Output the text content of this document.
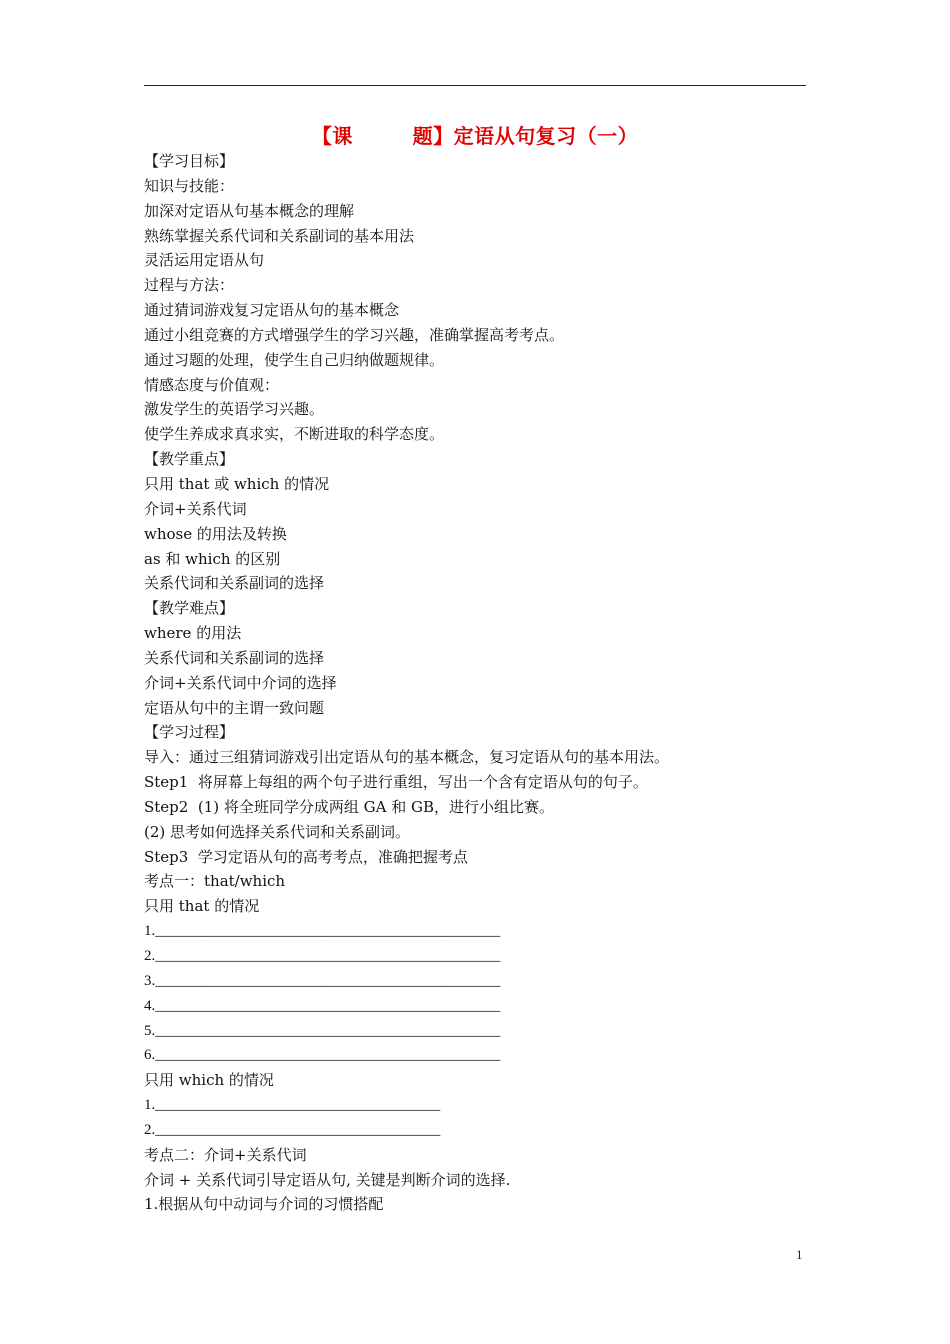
【课        题】定语从句复习（一）
【学习目标】
知识与技能：
加深对定语从句基本概念的理解
熟练掌握关系代词和关系副词的基本用法
灵活运用定语从句
过程与方法：
通过猜词游戏复习定语从句的基本概念
通过小组竞赛的方式增强学生的学习兴趣，准确掌握高考考点。
通过习题的处理，使学生自己归纳做题规律。
情感态度与价值观：
激发学生的英语学习兴趣。
使学生养成求真求实，不断进取的科学态度。
【教学重点】
只用 that 或 which 的情况
介词+关系代词
whose 的用法及转换
as 和 which 的区别
关系代词和关系副词的选择
【教学难点】
where 的用法
关系代词和关系副词的选择
介词+关系代词中介词的选择
定语从句中的主谓一致问题
【学习过程】
导入：通过三组猜词游戏引出定语从句的基本概念，复习定语从句的基本用法。
Step1  将屏幕上每组的两个句子进行重组，写出一个含有定语从句的句子。
Step2  (1) 将全班同学分成两组 GA 和 GB，进行小组比赛。
(2) 思考如何选择关系代词和关系副词。
Step3  学习定语从句的高考考点，准确把握考点
考点一：that/which
只用 that 的情况
1.______________________________________________
2.______________________________________________
3.______________________________________________
4.______________________________________________
5.______________________________________________
6.______________________________________________
只用 which 的情况
1.______________________________________
2.______________________________________
考点二：介词+关系代词
介词 + 关系代词引导定语从句, 关键是判断介词的选择.
1.根据从句中动词与介词的习惯搭配
1
